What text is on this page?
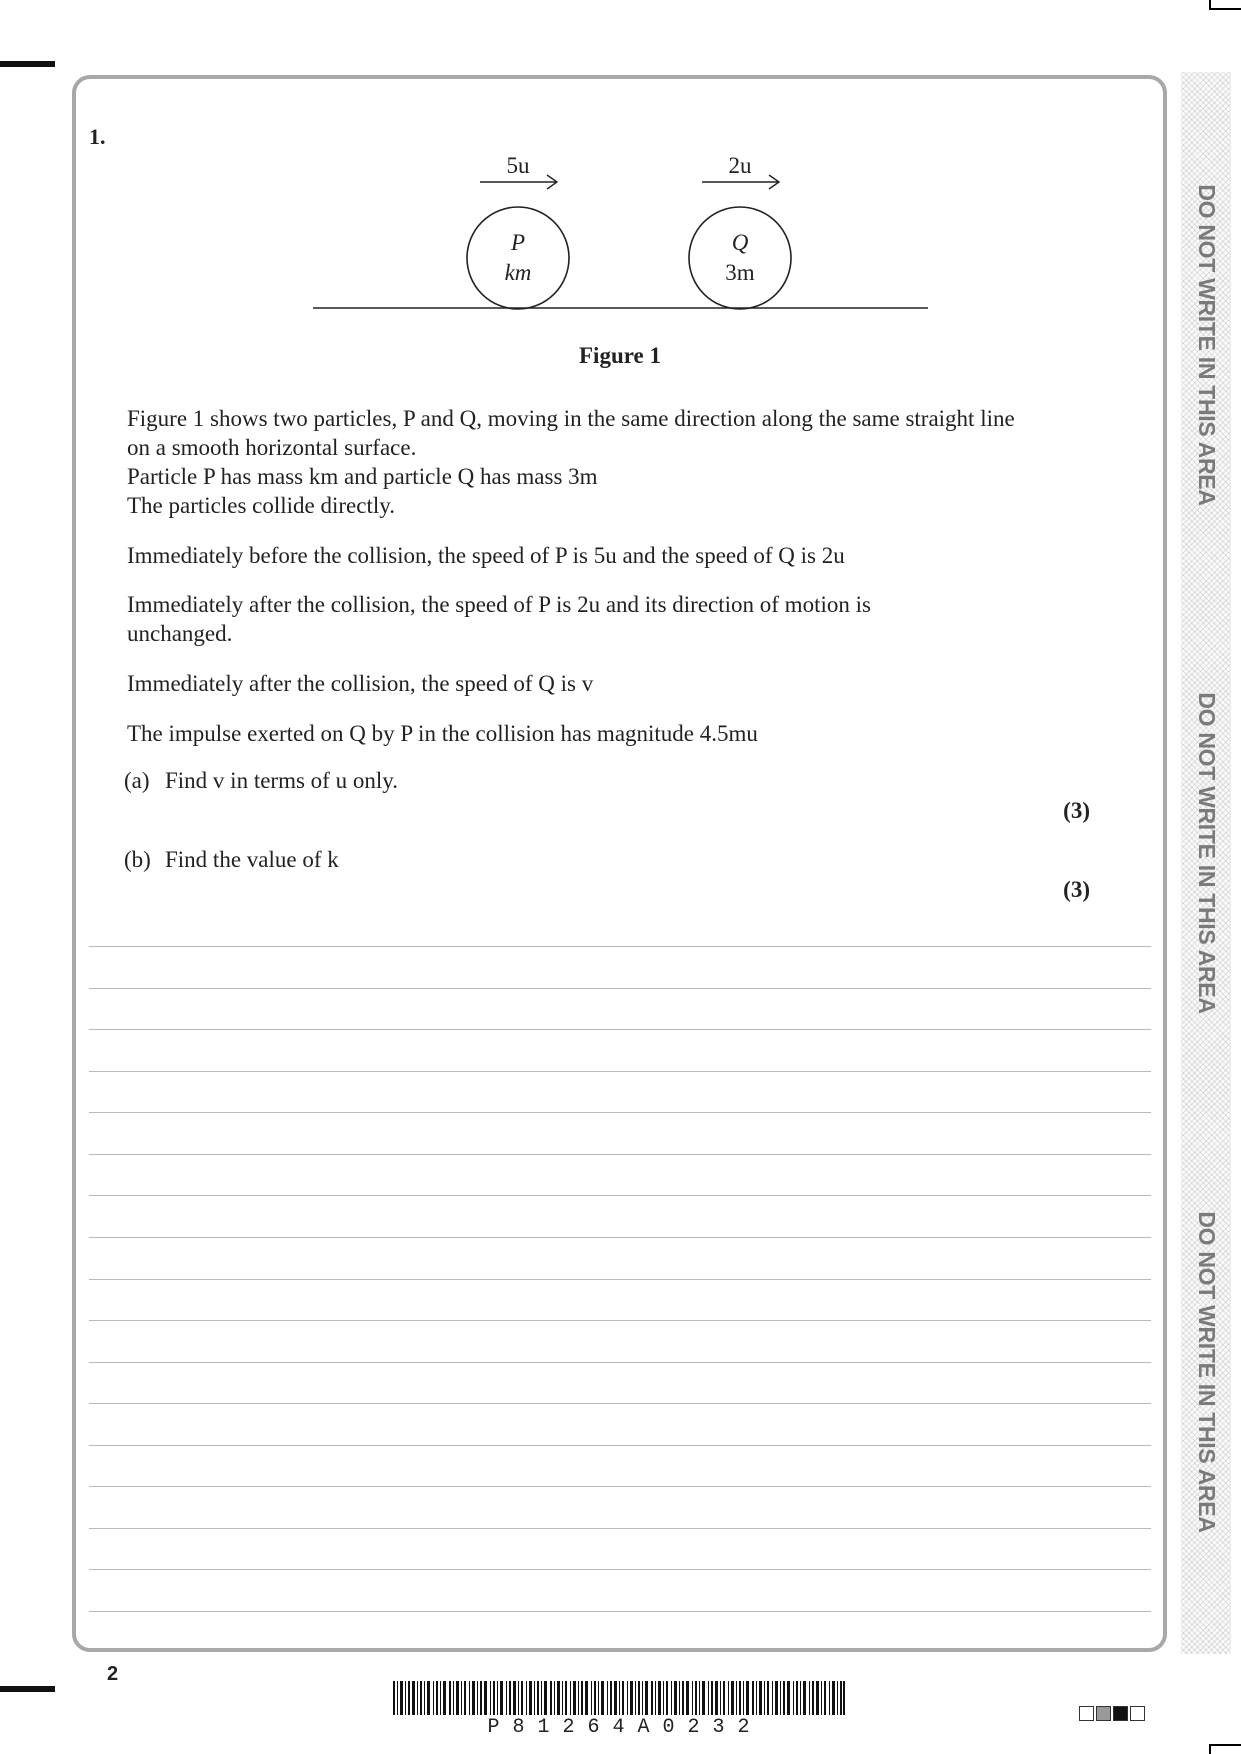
DO NOT WRITE IN THIS AREA
DO NOT WRITE IN THIS AREA
DO NOT WRITE IN THIS AREA
1.
P
km
5u
Q
3m
2u
Figure 1

Figure 1 shows two particles, P and Q, moving in the same direction along the same straight line on a smooth horizontal surface.

Particle P has mass km and particle Q has mass 3m

The particles collide directly.

Immediately before the collision, the speed of P is 5u and the speed of Q is 2u
Immediately after the collision, the speed of P is 2u and its direction of motion is unchanged.
Immediately after the collision, the speed of Q is v
The impulse exerted on Q by P in the collision has magnitude 4.5mu
(a) Find v in terms of u only.
(3)
(b) Find the value of k
(3)
2
P81264A0232
